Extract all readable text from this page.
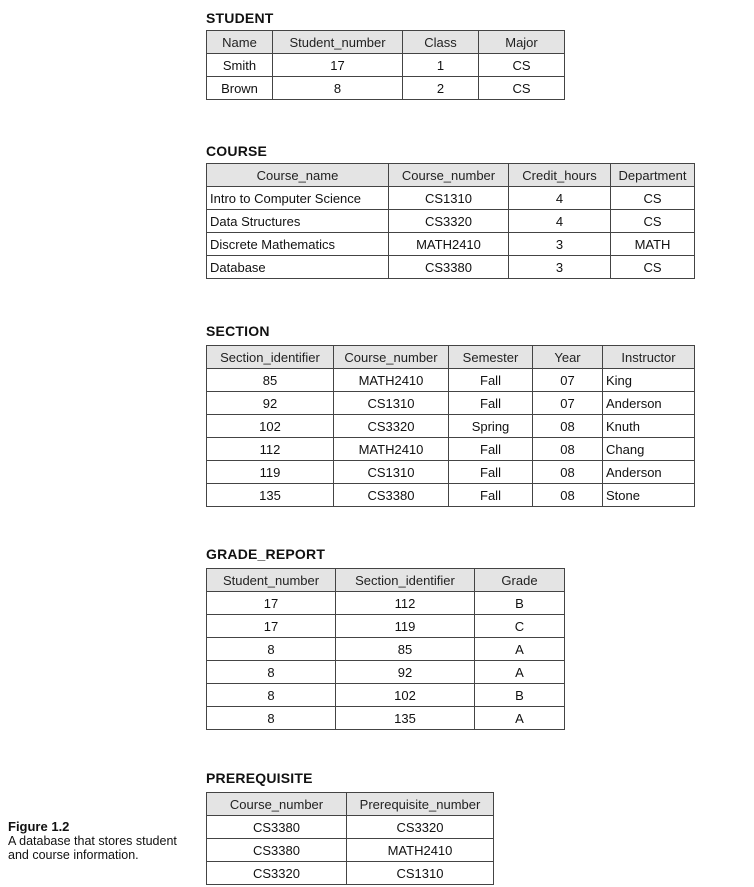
STUDENT
Name	Student_number	Class	Major
Smith	17	1	CS
Brown	8	2	CS
COURSE
Course_name	Course_number	Credit_hours	Department
Intro to Computer Science	CS1310	4	CS
Data Structures	CS3320	4	CS
Discrete Mathematics	MATH2410	3	MATH
Database	CS3380	3	CS
SECTION
Section_identifier	Course_number	Semester	Year	Instructor
85	MATH2410	Fall	07	King
92	CS1310	Fall	07	Anderson
102	CS3320	Spring	08	Knuth
112	MATH2410	Fall	08	Chang
119	CS1310	Fall	08	Anderson
135	CS3380	Fall	08	Stone
GRADE_REPORT
Student_number	Section_identifier	Grade
17	112	B
17	119	C
8	85	A
8	92	A
8	102	B
8	135	A
PREREQUISITE
Course_number	Prerequisite_number
CS3380	CS3320
CS3380	MATH2410
CS3320	CS1310
Figure 1.2
A database that stores student and course information.
